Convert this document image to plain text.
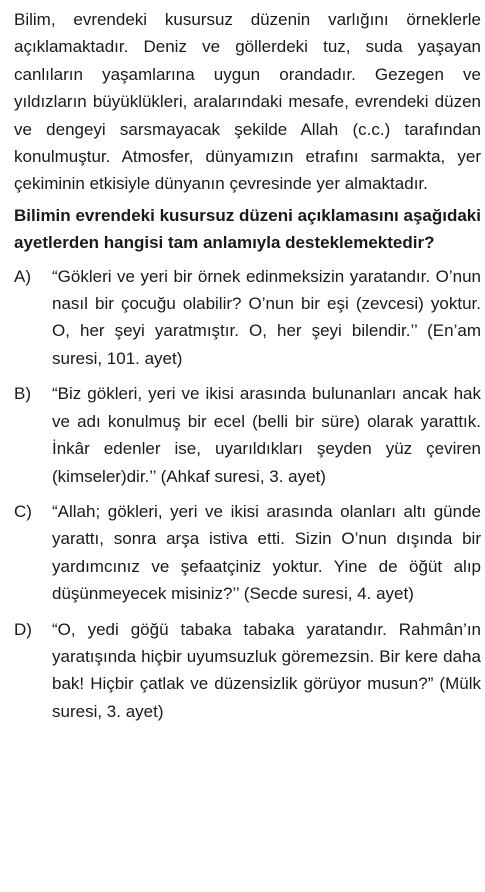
Bilim, evrendeki kusursuz düzenin varlığını örneklerle açıklamaktadır. Deniz ve göllerdeki tuz, suda yaşayan canlıların yaşamlarına uygun orandadır. Gezegen ve yıldızların büyüklükleri, aralarındaki mesafe, evrendeki düzen ve dengeyi sarsmayacak şekilde Allah (c.c.) tarafından konulmuştur. Atmosfer, dünyamızın etrafını sarmakta, yer çekiminin etkisiyle dünyanın çevresinde yer almaktadır.

Bilimin evrendeki kusursuz düzeni açıklamasını aşağıdaki ayetlerden hangisi tam anlamıyla desteklemektedir?

A)	“Gökleri ve yeri bir örnek edinmeksizin yaratandır. O’nun nasıl bir çocuğu olabilir? O’nun bir eşi (zevcesi) yoktur. O, her şeyi yaratmıştır. O, her şeyi bilendir.’’ (En’am suresi, 101. ayet)
B)	“Biz gökleri, yeri ve ikisi arasında bulunanları ancak hak ve adı konulmuş bir ecel (belli bir süre) olarak yarattık. İnkâr edenler ise, uyarıldıkları şeyden yüz çeviren (kimseler)dir.’’ (Ahkaf suresi, 3. ayet)
C)	“Allah; gökleri, yeri ve ikisi arasında olanları altı günde yarattı, sonra arşa istiva etti. Sizin O’nun dışında bir yardımcınız ve şefaatçiniz yoktur. Yine de öğüt alıp düşünmeyecek misiniz?’’ (Secde suresi, 4. ayet)
D)	“O, yedi göğü tabaka tabaka yaratandır. Rahmân’ın yaratışında hiçbir uyumsuzluk göremezsin. Bir kere daha bak! Hiçbir çatlak ve düzensizlik görüyor musun?” (Mülk suresi, 3. ayet)
